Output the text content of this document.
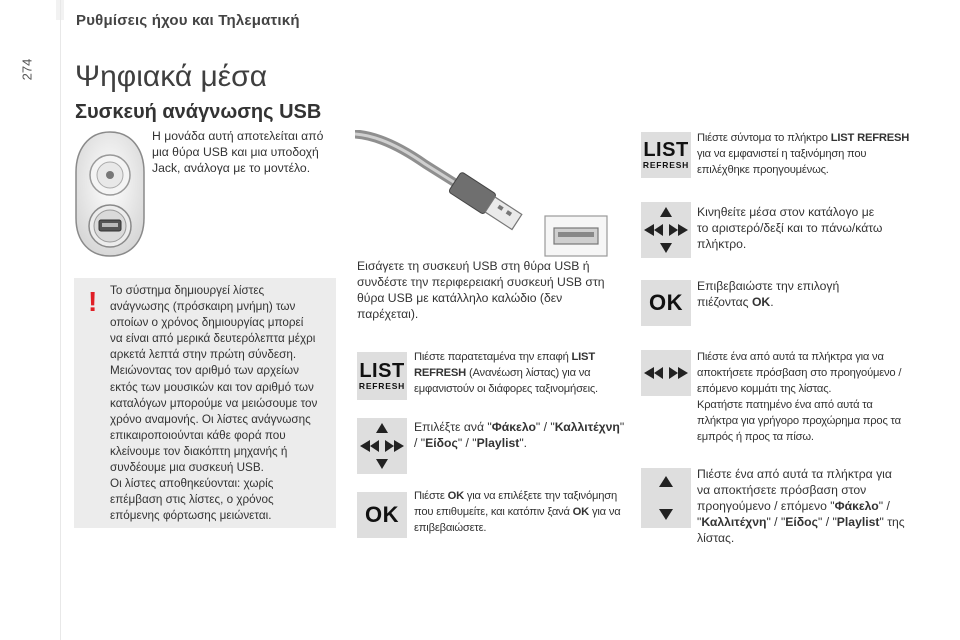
Ρυθμίσεις ήχου και Τηλεματική
274 Ψηφιακά μέσα
Συσκευή ανάγνωσης USB
Η μονάδα αυτή αποτελείται από μια θύρα USB και μια υποδοχή Jack, ανάλογα με το μοντέλο.
! Το σύστημα δημιουργεί λίστες
ανάγνωσης (πρόσκαιρη μνήμη) των
οποίων ο χρόνος δημιουργίας μπορεί
να είναι από μερικά δευτερόλεπτα μέχρι
αρκετά λεπτά στην πρώτη σύνδεση.
Μειώνοντας τον αριθμό των αρχείων
εκτός των μουσικών και τον αριθμό των
καταλόγων μπορούμε να μειώσουμε τον
χρόνο αναμονής. Οι λίστες ανάγνωσης
επικαιροποιούνται κάθε φορά που
κλείνουμε τον διακόπτη μηχανής ή
συνδέουμε μια συσκευή USB.
Οι λίστες αποθηκεύονται: χωρίς
επέμβαση στις λίστες, ο χρόνος
επόμενης φόρτωσης μειώνεται.
Εισάγετε τη συσκευή USB στη θύρα USB ή συνδέστε την περιφερειακή συσκευή USB στη θύρα USB με κατάλληλο καλώδιο (δεν παρέχεται).
LIST
REFRESH
Πιέστε παρατεταμένα την επαφή LIST REFRESH (Ανανέωση λίστας) για να εμφανιστούν οι διάφορες ταξινομήσεις.
Επιλέξτε ανά "Φάκελο" / "Καλλιτέχνη" / "Είδος" / "Playlist".
OK
Πιέστε OK για να επιλέξετε την ταξινόμηση που επιθυμείτε, και κατόπιν ξανά OK για να επιβεβαιώσετε.
LIST
REFRESH
Πιέστε σύντομα το πλήκτρο LIST REFRESH για να εμφανιστεί η ταξινόμηση που επιλέχθηκε προηγουμένως.
Κινηθείτε μέσα στον κατάλογο με το αριστερό/δεξί και το πάνω/κάτω πλήκτρο.
OK
Επιβεβαιώστε την επιλογή πιέζοντας OK.
Πιέστε ένα από αυτά τα πλήκτρα για να αποκτήσετε πρόσβαση στο προηγούμενο / επόμενο κομμάτι της λίστας.
Κρατήστε πατημένο ένα από αυτά τα πλήκτρα για γρήγορο προχώρημα προς τα εμπρός ή προς τα πίσω.
Πιέστε ένα από αυτά τα πλήκτρα για να αποκτήσετε πρόσβαση στον προηγούμενο / επόμενο "Φάκελο" / "Καλλιτέχνη" / "Είδος" / "Playlist" της λίστας.
